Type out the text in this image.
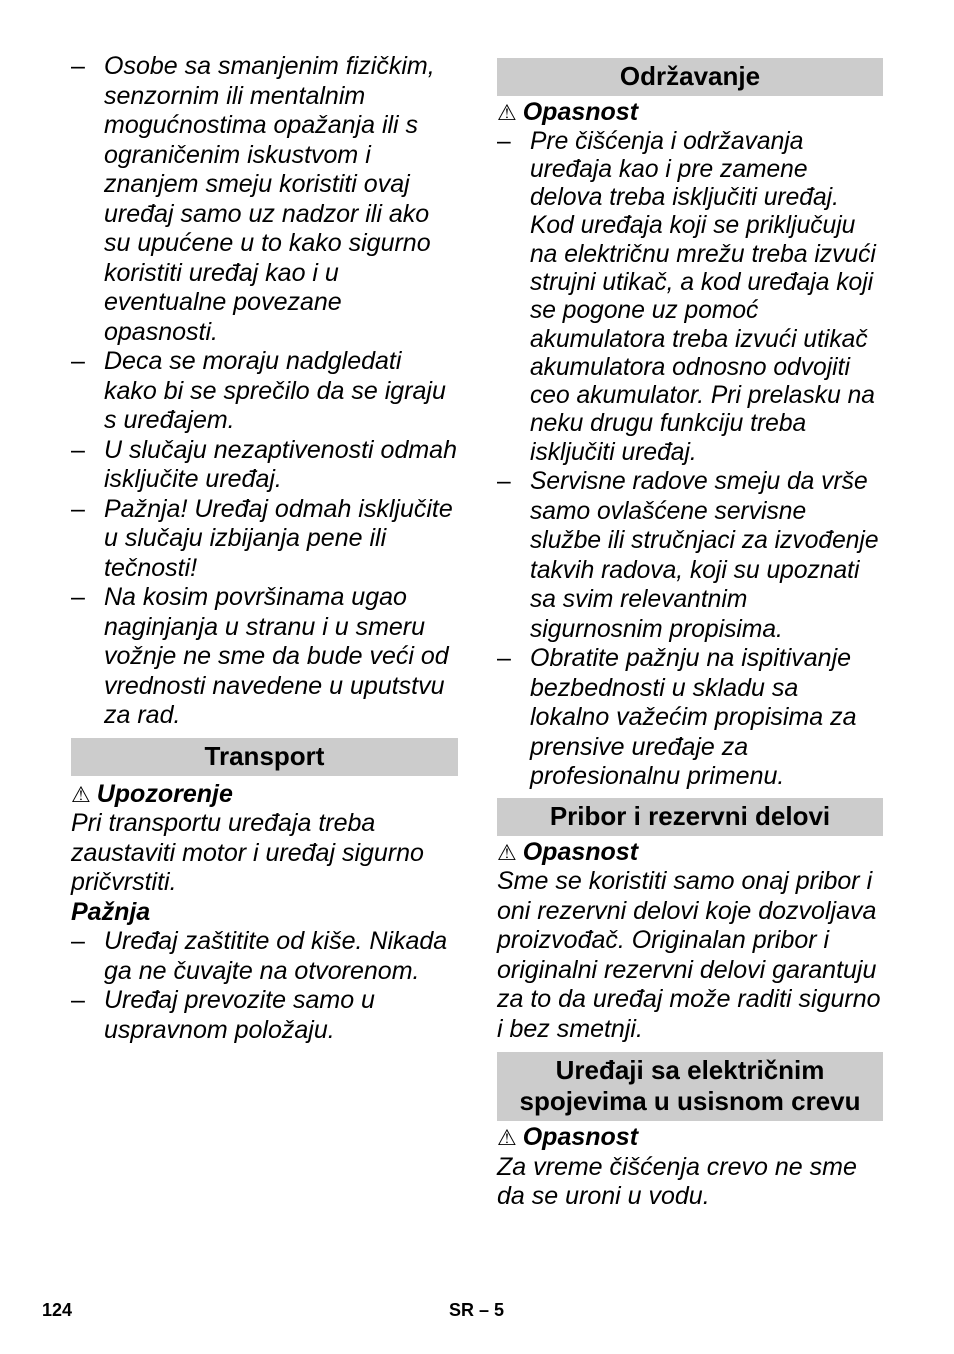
– Osobe sa smanjenim fizičkim, senzornim ili mentalnim mogućnostima opažanja ili s ograničenim iskustvom i znanjem smeju koristiti ovaj uređaj samo uz nadzor ili ako su upućene u to kako sigurno koristiti uređaj kao i u eventualne povezane opasnosti.
– Deca se moraju nadgledati kako bi se sprečilo da se igraju s uređajem.
– U slučaju nezaptivenosti odmah isključite uređaj.
– Pažnja! Uređaj odmah isključite u slučaju izbijanja pene ili tečnosti!
– Na kosim površinama ugao naginjanja u stranu i u smeru vožnje ne sme da bude veći od vrednosti navedene u uputstvu za rad.
Transport
⚠ Upozorenje

Pri transportu uređaja treba zaustaviti motor i uređaj sigurno pričvrstiti.

Pažnja
– Uređaj zaštitite od kiše. Nikada ga ne čuvajte na otvorenom.
– Uređaj prevozite samo u uspravnom položaju.
Održavanje
⚠ Opasnost
– Pre čišćenja i održavanja uređaja kao i pre zamene delova treba isključiti uređaj. Kod uređaja koji se priključuju na električnu mrežu treba izvući strujni utikač, a kod uređaja koji se pogone uz pomoć akumulatora treba izvući utikač akumulatora odnosno odvojiti ceo akumulator. Pri prelasku na neku drugu funkciju treba isključiti uređaj.
– Servisne radove smeju da vrše samo ovlašćene servisne službe ili stručnjaci za izvođenje takvih radova, koji su upoznati sa svim relevantnim sigurnosnim propisima.
– Obratite pažnju na ispitivanje bezbednosti u skladu sa lokalno važećim propisima za prensive uređaje za profesionalnu primenu.
Pribor i rezervni delovi
⚠ Opasnost

Sme se koristiti samo onaj pribor i oni rezervni delovi koje dozvoljava proizvođač. Originalan pribor i originalni rezervni delovi garantuju za to da uređaj može raditi sigurno i bez smetnji.

Uređaji sa električnim spojevima u usisnom crevu
⚠ Opasnost

Za vreme čišćenja crevo ne sme da se uroni u vodu.

124	SR – 5
